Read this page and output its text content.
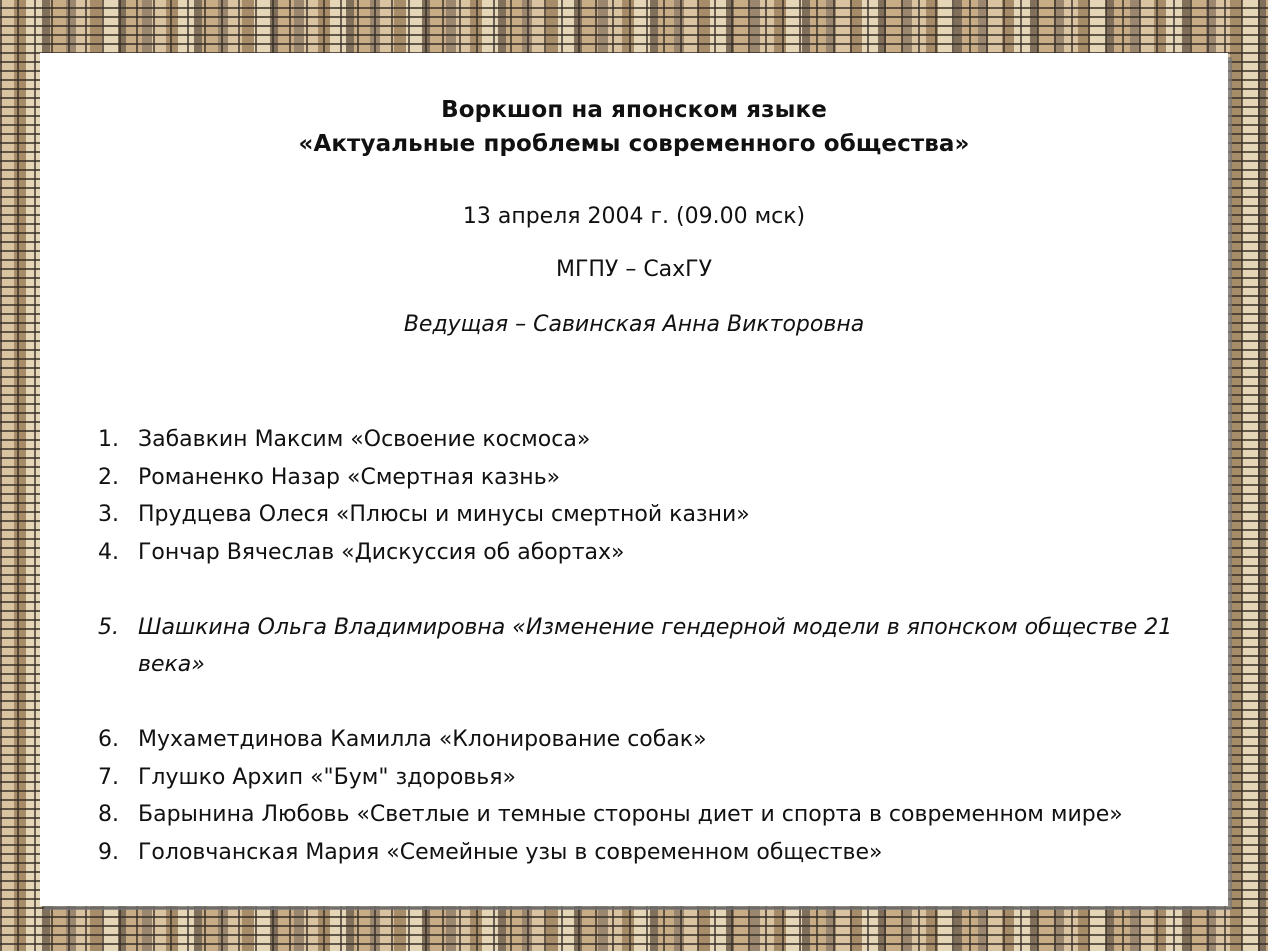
Воркшоп на японском языке
«Актуальные проблемы современного общества»
13 апреля 2004 г. (09.00 мск)
МГПУ – СахГУ
Ведущая – Савинская Анна Викторовна
1. Забавкин Максим «Освоение космоса»
2. Романенко Назар «Смертная казнь»
3. Прудцева Олеся «Плюсы и минусы смертной казни»
4. Гончар Вячеслав «Дискуссия об абортах»
5. Шашкина Ольга Владимировна «Изменение гендерной модели в японском обществе 21 века»
6. Мухаметдинова Камилла «Клонирование собак»
7. Глушко Архип «"Бум" здоровья»
8. Барынина Любовь «Светлые и темные стороны диет и спорта в современном мире»
9. Головчанская Мария «Семейные узы в современном обществе»
